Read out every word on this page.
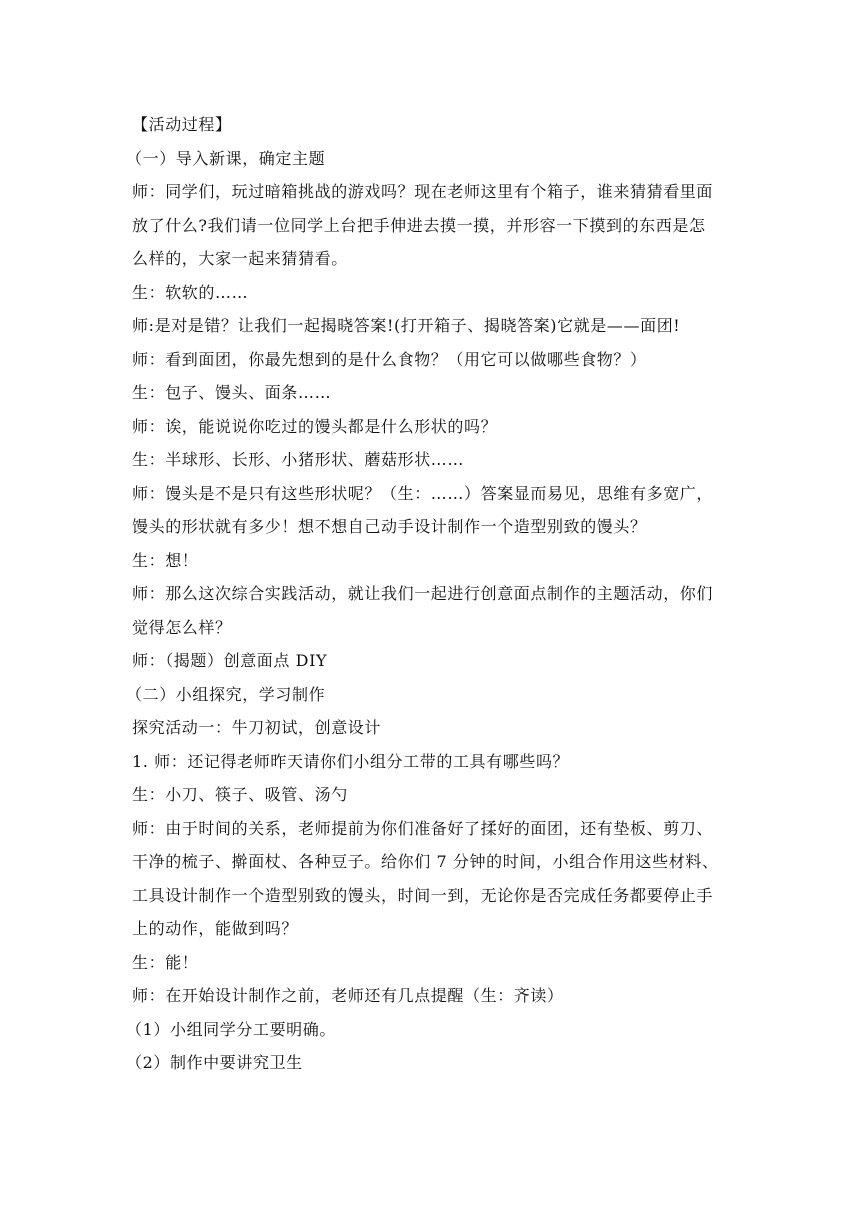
【活动过程】
（一）导入新课，确定主题
师：同学们，玩过暗箱挑战的游戏吗？现在老师这里有个箱子，谁来猜猜看里面
放了什么?我们请一位同学上台把手伸进去摸一摸，并形容一下摸到的东西是怎
么样的，大家一起来猜猜看。
生：软软的……
师:是对是错？让我们一起揭晓答案!(打开箱子、揭晓答案)它就是——面团!
师：看到面团，你最先想到的是什么食物？（用它可以做哪些食物？）
生：包子、馒头、面条……
师：诶，能说说你吃过的馒头都是什么形状的吗？
生：半球形、长形、小猪形状、蘑菇形状……
师：馒头是不是只有这些形状呢？（生：……）答案显而易见，思维有多宽广，
馒头的形状就有多少！想不想自己动手设计制作一个造型别致的馒头？
生：想！
师：那么这次综合实践活动，就让我们一起进行创意面点制作的主题活动，你们
觉得怎么样？
师：（揭题）创意面点 DIY
（二）小组探究，学习制作
探究活动一：牛刀初试，创意设计
1. 师：还记得老师昨天请你们小组分工带的工具有哪些吗？
生：小刀、筷子、吸管、汤勺
师：由于时间的关系，老师提前为你们准备好了揉好的面团，还有垫板、剪刀、
干净的梳子、擀面杖、各种豆子。给你们 7 分钟的时间，小组合作用这些材料、
工具设计制作一个造型别致的馒头，时间一到，无论你是否完成任务都要停止手
上的动作，能做到吗？
生：能！
师：在开始设计制作之前，老师还有几点提醒（生：齐读）
（1）小组同学分工要明确。
（2）制作中要讲究卫生
